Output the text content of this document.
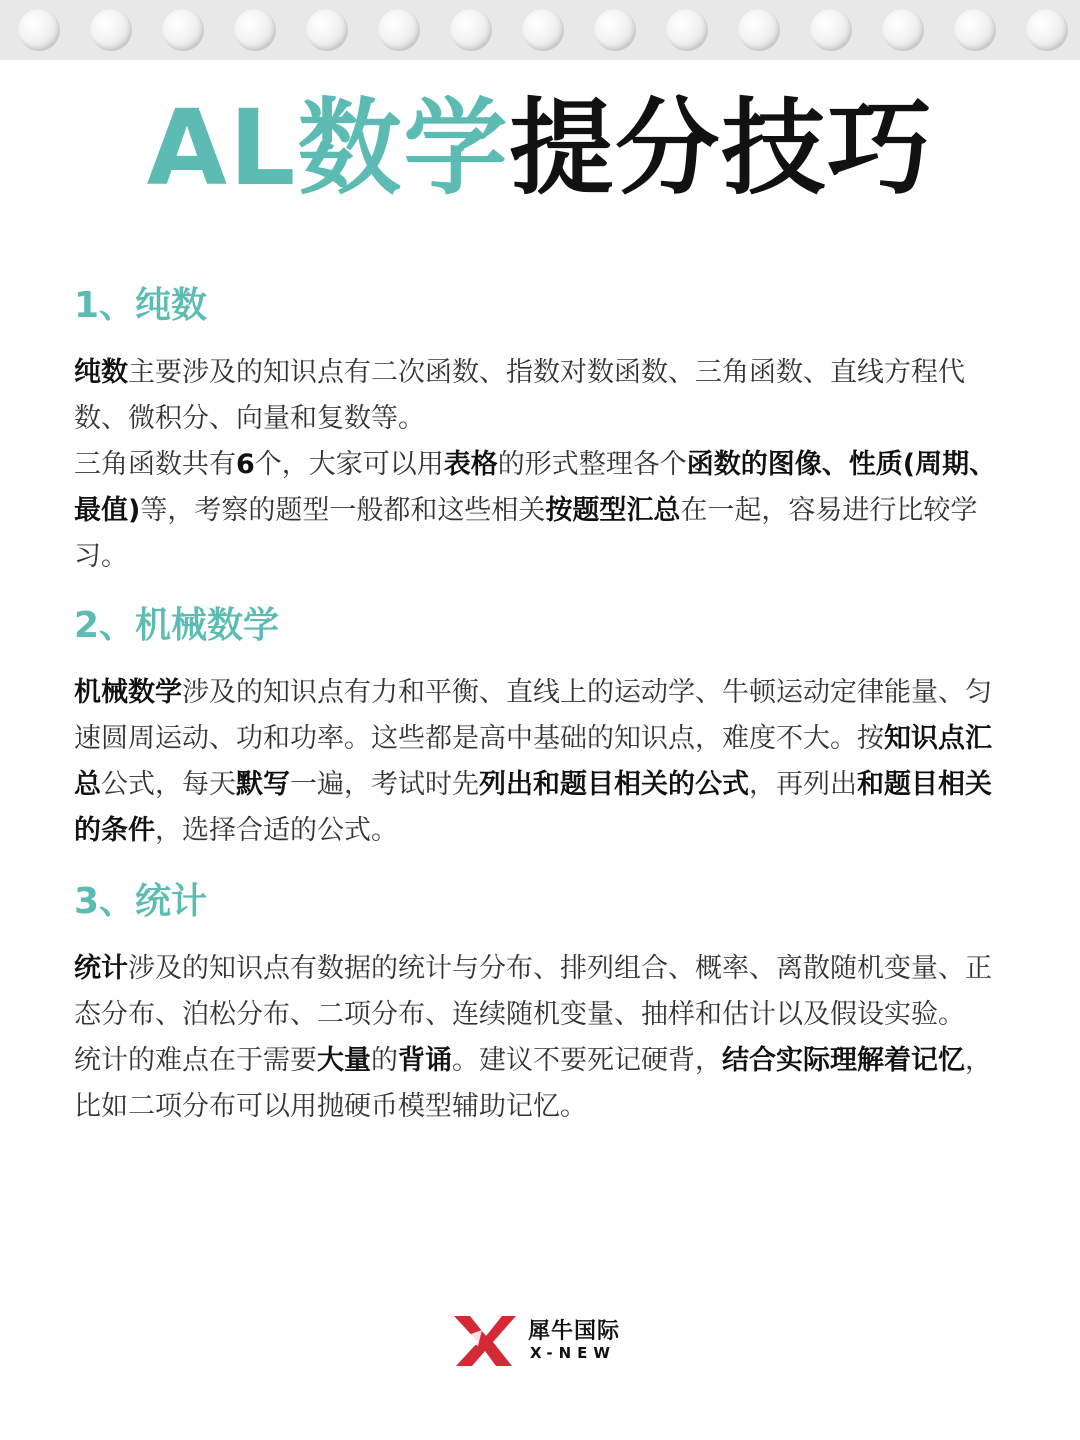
AL数学提分技巧
1、纯数

纯数主要涉及的知识点有二次函数、指数对数函数、三角函数、直线方程代数、微积分、向量和复数等。

三角函数共有6个，大家可以用表格的形式整理各个函数的图像、性质(周期、最值)等，考察的题型一般都和这些相关按题型汇总在一起，容易进行比较学习。

2、机械数学

机械数学涉及的知识点有力和平衡、直线上的运动学、牛顿运动定律能量、匀速圆周运动、功和功率。这些都是高中基础的知识点，难度不大。按知识点汇总公式，每天默写一遍，考试时先列出和题目相关的公式，再列出和题目相关的条件，选择合适的公式。

3、统计

统计涉及的知识点有数据的统计与分布、排列组合、概率、离散随机变量、正态分布、泊松分布、二项分布、连续随机变量、抽样和估计以及假设实验。

统计的难点在于需要大量的背诵。建议不要死记硬背，结合实际理解着记忆，比如二项分布可以用抛硬币模型辅助记忆。

犀牛国际
X-NEW
